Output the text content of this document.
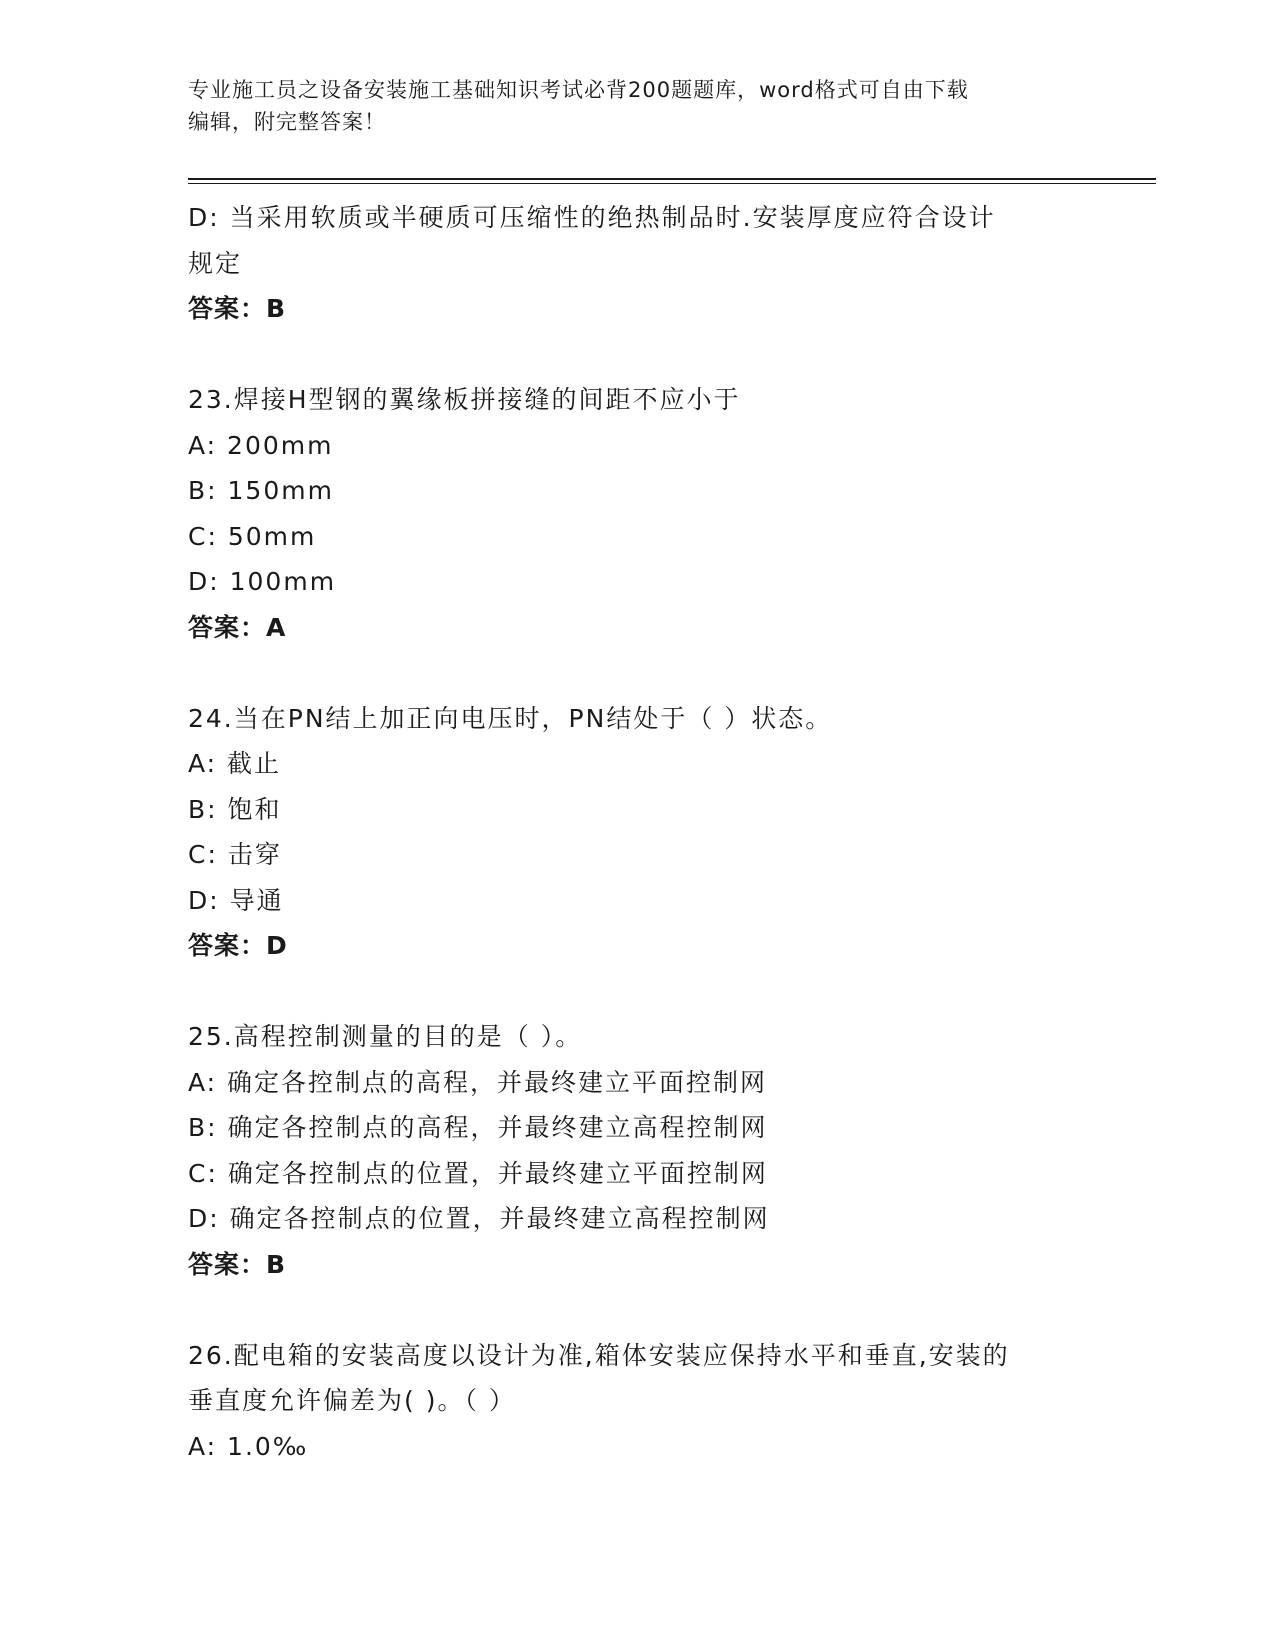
专业施工员之设备安装施工基础知识考试必背200题题库，word格式可自由下载
编辑，附完整答案！
D: 当采用软质或半硬质可压缩性的绝热制品时.安装厚度应符合设计
规定
答案：B
23.焊接H型钢的翼缘板拼接缝的间距不应小于
A: 200mm
B: 150mm
C: 50mm
D: 100mm
答案：A
24.当在PN结上加正向电压时，PN结处于（ ）状态。
A: 截止
B: 饱和
C: 击穿
D: 导通
答案：D
25.高程控制测量的目的是（ ）。
A: 确定各控制点的高程，并最终建立平面控制网
B: 确定各控制点的高程，并最终建立高程控制网
C: 确定各控制点的位置，并最终建立平面控制网
D: 确定各控制点的位置，并最终建立高程控制网
答案：B
26.配电箱的安装高度以设计为准,箱体安装应保持水平和垂直,安装的
垂直度允许偏差为( )。（ ）
A: 1.0‰
